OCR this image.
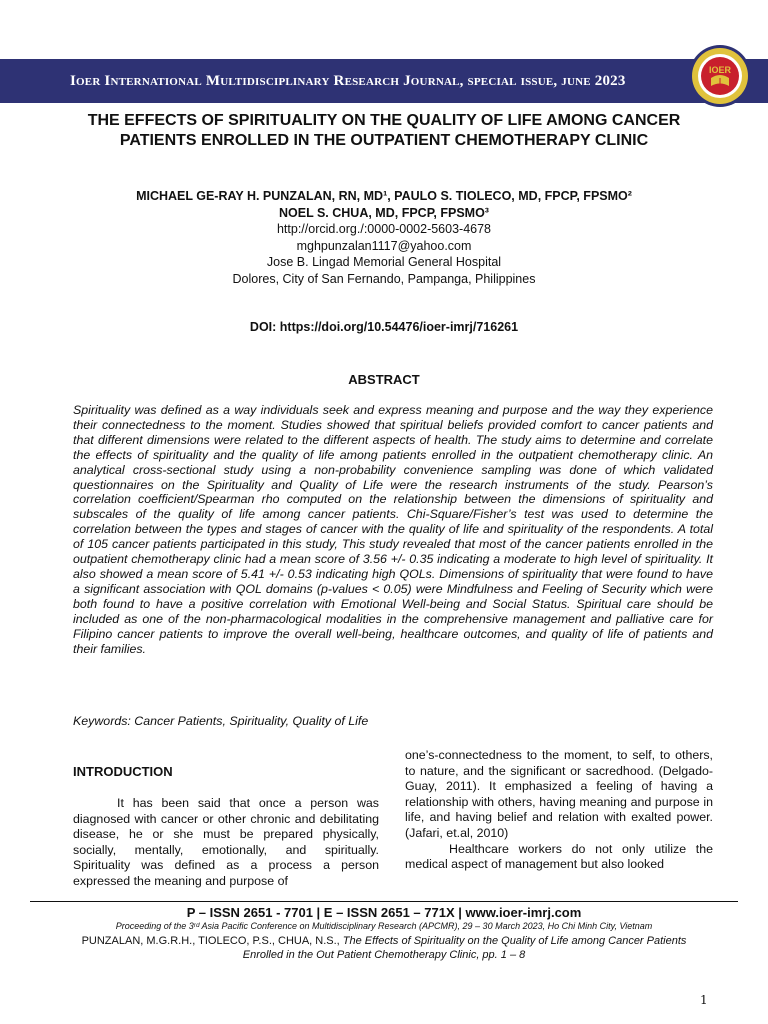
Ioer International Multidisciplinary Research Journal, special issue, june 2023
IOER
THE EFFECTS OF SPIRITUALITY ON THE QUALITY OF LIFE AMONG CANCER PATIENTS ENROLLED IN THE OUTPATIENT CHEMOTHERAPY CLINIC
MICHAEL GE-RAY H. PUNZALAN, RN, MD¹, PAULO S. TIOLECO, MD, FPCP, FPSMO²
NOEL S. CHUA, MD, FPCP, FPSMO³
http://orcid.org./:0000-0002-5603-4678
mghpunzalan1117@yahoo.com
Jose B. Lingad Memorial General Hospital
Dolores, City of San Fernando, Pampanga, Philippines
DOI: https://doi.org/10.54476/ioer-imrj/716261
ABSTRACT
Spirituality was defined as a way individuals seek and express meaning and purpose and the way they experience their connectedness to the moment. Studies showed that spiritual beliefs provided comfort to cancer patients and that different dimensions were related to the different aspects of health. The study aims to determine and correlate the effects of spirituality and the quality of life among patients enrolled in the outpatient chemotherapy clinic. An analytical cross-sectional study using a non-probability convenience sampling was done of which validated questionnaires on the Spirituality and Quality of Life were the research instruments of the study. Pearson’s correlation coefficient/Spearman rho computed on the relationship between the dimensions of spirituality and subscales of the quality of life among cancer patients. Chi-Square/Fisher’s test was used to determine the correlation between the types and stages of cancer with the quality of life and spirituality of the respondents. A total of 105 cancer patients participated in this study, This study revealed that most of the cancer patients enrolled in the outpatient chemotherapy clinic had a mean score of 3.56 +/- 0.35 indicating a moderate to high level of spirituality. It also showed a mean score of 5.41 +/- 0.53 indicating high QOLs. Dimensions of spirituality that were found to have a significant association with QOL domains (p-values < 0.05) were Mindfulness and Feeling of Security which were both found to have a positive correlation with Emotional Well-being and Social Status. Spiritual care should be included as one of the non-pharmacological modalities in the comprehensive management and palliative care for Filipino cancer patients to improve the overall well-being, healthcare outcomes, and quality of life of patients and their families.
Keywords: Cancer Patients, Spirituality, Quality of Life
INTRODUCTION
It has been said that once a person was diagnosed with cancer or other chronic and debilitating disease, he or she must be prepared physically, socially, mentally, emotionally, and spiritually. Spirituality was defined as a process a person expressed the meaning and purpose of
one’s-connectedness to the moment, to self, to others, to nature, and the significant or sacredhood. (Delgado-Guay, 2011). It emphasized a feeling of having a relationship with others, having meaning and purpose in life, and having belief and relation with exalted power. (Jafari, et.al, 2010)
Healthcare workers do not only utilize the medical aspect of management but also looked
P – ISSN 2651 - 7701 | E – ISSN 2651 – 771X | www.ioer-imrj.com
Proceeding of the 3ʳᵈ Asia Pacific Conference on Multidisciplinary Research (APCMR), 29 – 30 March 2023, Ho Chi Minh City, Vietnam
PUNZALAN, M.G.R.H., TIOLECO, P.S., CHUA, N.S., The Effects of Spirituality on the Quality of Life among Cancer Patients Enrolled in the Out Patient Chemotherapy Clinic, pp. 1 – 8
1
